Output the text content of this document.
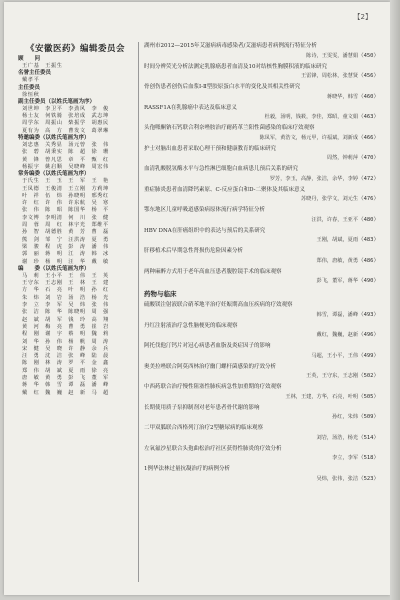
【2】
《安徽医药》编辑委员会
顾　　问
王广基　王振生
名誉主任委员
戴孝平
主任委员
徐恒秋
副主任委员（以姓氏笔画为序）
刘世坤　李卫平　李劲风　李　俊
杨士友　何铁骑　张培成　武志坤
周学东　周振山　柴振学　胡惠民
夏有为　高　方　曹发文　葛翠琳
特邀编委（以姓氏笔画为序）
刘忠惠　关秀显　汤元曾　张　伟
张　碧　胡秉实　陈　超　徐　珊
黄　锋　曾凡思　章　平　甄　红
杨振宇　姚启顺　吴晓峰　周宏伟
常务编委（以姓氏笔画为序）
于氏生　王　玉　王　军　王　艳
王凤德　王俊清　王立刚　方莉坤
叶　祥　伍　炜　孙晓明　邢秀红
许　红　许　伟　许东航　吴　寒
张　伟　陈　昭　陈国华　杨　平
李文博　李明清　何　川　张　健
周　蓉　周　红　林宇光　郑维平
孙　智　胡德胜　黄　芳　曹　磊
熊　剑　邹　宁　汪洪涛　夏　勇
梁　骏　程　虎　彭　涛　潘　伟
郭　丽　蒋　明　江　涛　韩　冰
谢　珍　杨　明　汪　华　戴　敏
编　　委（以姓氏笔画为序）
马　莉　王小平　王　伟　王　英
王守东　王志刚　王　林　王　建
方　华　石　亮　叶　明　孙　红
朱　炜　刘　岩　汤　浩　杨　光
李　立　李　军　吴　炜　张　伟
张　洁　陈　华　陈晓明　周　强
赵　斌　胡　军　钱　玲　高　翔
黄　河　梅　亮　曹　勇　崔　岩
程　刚　谢　宇　蔡　明　魏　莉
刘　华　孙　伟　杨　帆　周　涛
宋　健　吴　晓　许　静　余　兵
汪　勇　沈　洁　张　峰　陆　晨
陈　刚　林　涛　罗　平　金　鑫
郑　伟　胡　斌　夏　雨　徐　亮
唐　敏　黄　勇　彭　飞　董　军
蒋　华　韩　雪　谭　磊　潘　峰
戴　红　魏　巍　赵　新　马　超
湖州市2012—2015年艾滋病病毒感染者/艾滋病患者病例流行特征分析
陈诗，王雯雯，潘慧娟（450）
时间分辨荧光分析法测定乳腺癌患者血清及10对结核性胸膜积液的临床研究
王雷锋，周松林，张慧贤（456）
骨创伤患者创伤后血浆Ⅰ-Ⅱ型胶原蛋白水平的变化及其相关性研究
蒋晓华，韩雪（460）
RASSF1A在乳腺癌中表达及临床意义
杜毅，汤明，钱筱，李佳，郑昭，童文娟（463）
头孢哌酮钠石钙联合利奈唑胺治疗耐药革兰阳性菌感染的临床疗效观察
陈凤军，黄浩文，杨元甲，许福斌，刘新成（466）
护士对脑出血患者采取心理干预和健康教育的临床研究
周然，钟莉萍（470）
血清乳酸脱氢酶水平与急性淋巴细胞白血病患儿预后关系的研究
罗芳，李玉，高静，张洁，余华，李婷（472）
重症肺炎患者血清降钙素原、C-反应蛋白和D-二聚体及其临床意义
苏晓丹，张学文，刘元生（476）
鄂东地区儿童呼吸道感染病原体流行病学特征分析
汪洪，许春，王亚平（480）
HBV DNA在肝癌组织中的表达与预后的关系研究
王刚，胡斌，夏雨（483）
肝移植术后早期急性肾损伤危险因素分析
郑伟，唐敏，黄勇（486）
两种麻醉方式用于老年高血压患者腹腔镜手术的临床观察
彭飞，董军，蒋华（490）
药物与临床
硫酸镁注射液联合硝苯地平治疗妊娠期高血压疾病的疗效观察
韩雪，谭磊，潘峰（493）
丹红注射液治疗急性脑梗死的临床观察
戴红，魏巍，赵新（496）
阿托伐他汀钙片对冠心病患者血脂及炎症因子的影响
马超，王小平，王伟（499）
奥美拉唑联合阿莫西林治疗幽门螺杆菌感染的疗效分析
王英，王守东，王志刚（502）
中西药联合治疗慢性阻塞性肺疾病急性加重期的疗效观察
王林，王建，方华，石亮，叶明（505）
长期使用质子泵抑制剂对老年患者骨代谢的影响
孙红，朱炜（509）
二甲双胍联合西格列汀治疗2型糖尿病的临床观察
刘岩，汤浩，杨光（514）
左氧氟沙星联合头孢曲松治疗社区获得性肺炎的疗效分析
李立，李军（518）
1例华法林过量抗凝治疗的病例分析
吴炜，张伟，张洁（523）
